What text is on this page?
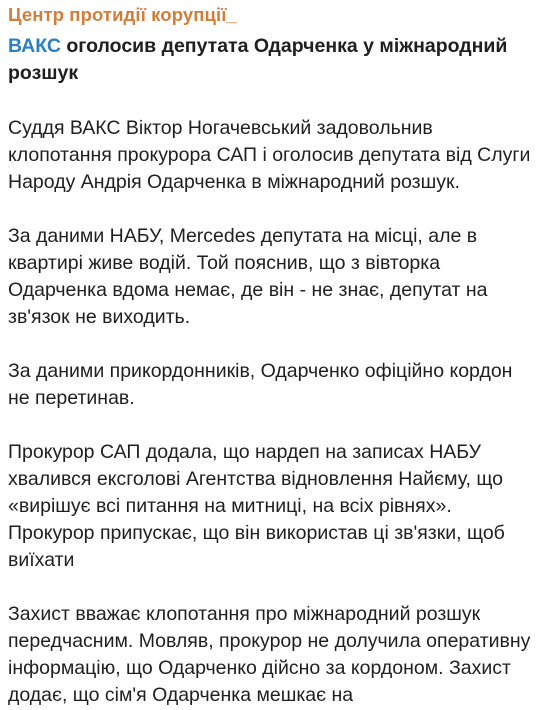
Центр протидії корупції_

ВАКС оголосив депутата Одарченка у міжнародний розшук

Суддя ВАКС Віктор Ногачевський задовольнив клопотання прокурора САП і оголосив депутата від Слуги Народу Андрія Одарченка в міжнародний розшук.

За даними НАБУ, Mercedes депутата на місці, але в квартирі живе водій. Той пояснив, що з вівторка Одарченка вдома немає, де він - не знає, депутат на зв'язок не виходить.

За даними прикордонників, Одарченко офіційно кордон не перетинав.

Прокурор САП додала, що нардеп на записах НАБУ хвалився ексголові Агентства відновлення Найєму, що «вирішує всі питання на митниці, на всіх рівнях». Прокурор припускає, що він використав ці зв'язки, щоб виїхати

Захист вважає клопотання про міжнародний розшук передчасним. Мовляв, прокурор не долучила оперативну інформацію, що Одарченко дійсно за кордоном. Захист додає, що сім'я Одарченка мешкає на
